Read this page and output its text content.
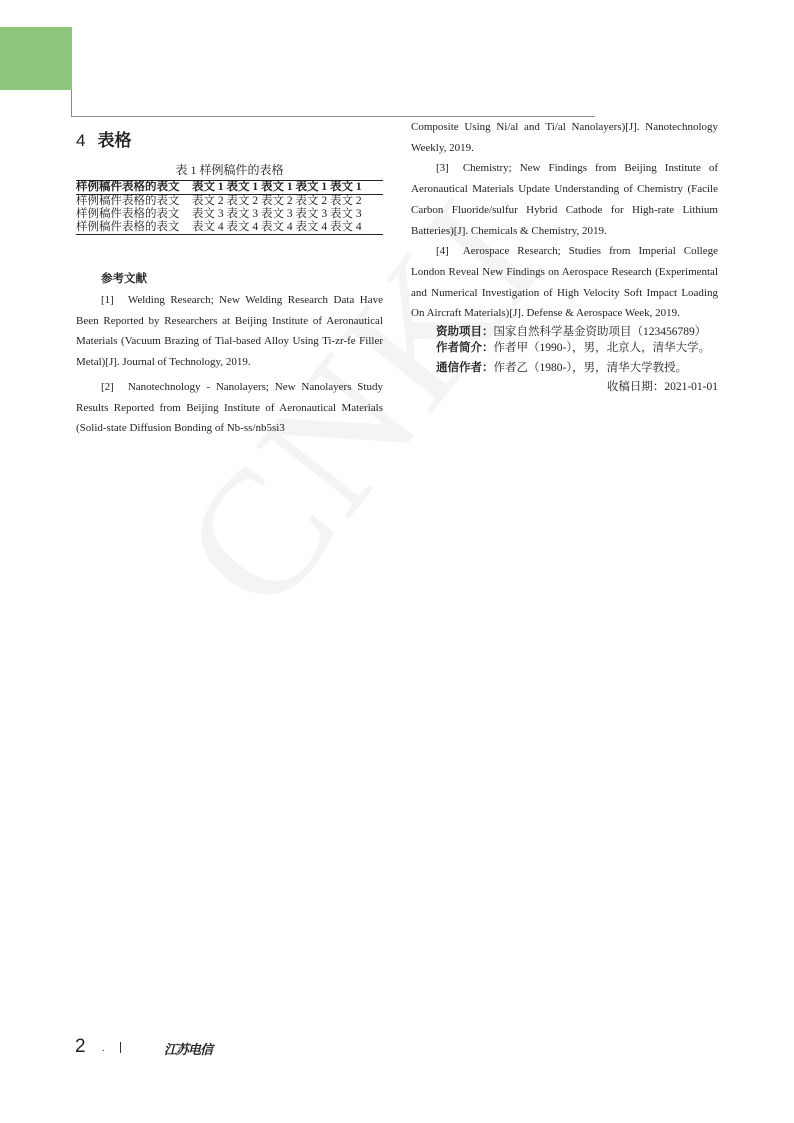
4 表格
表 1 样例稿件的表格
样例稿件表格的表文	表文 1 表文 1 表文 1 表文 1 表文 1
样例稿件表格的表文	表文 2 表文 2 表文 2 表文 2 表文 2
样例稿件表格的表文	表文 3 表文 3 表文 3 表文 3 表文 3
样例稿件表格的表文	表文 4 表文 4 表文 4 表文 4 表文 4
参考文献

[1] Welding Research; New Welding Research Data Have Been Reported by Researchers at Beijing Institute of Aeronautical Materials (Vacuum Brazing of Tial-based Alloy Using Ti-zr-fe Filler Metal)[J]. Journal of Technology, 2019.

[2] Nanotechnology - Nanolayers; New Nanolayers Study Results Reported from Beijing Institute of Aeronautical Materials (Solid-state Diffusion Bonding of Nb-ss/nb5si3

Composite Using Ni/al and Ti/al Nanolayers)[J]. Nanotechnology Weekly, 2019.

[3] Chemistry; New Findings from Beijing Institute of Aeronautical Materials Update Understanding of Chemistry (Facile Carbon Fluoride/sulfur Hybrid Cathode for High-rate Lithium Batteries)[J]. Chemicals & Chemistry, 2019.

[4] Aerospace Research; Studies from Imperial College London Reveal New Findings on Aerospace Research (Experimental and Numerical Investigation of High Velocity Soft Impact Loading On Aircraft Materials)[J]. Defense & Aerospace Week, 2019.

资助项目：国家自然科学基金资助项目（123456789）

作者简介：作者甲（1990-），男，北京人，清华大学。

通信作者：作者乙（1980-），男，清华大学教授。

收稿日期：2021-01-01
2 .	江苏电信
